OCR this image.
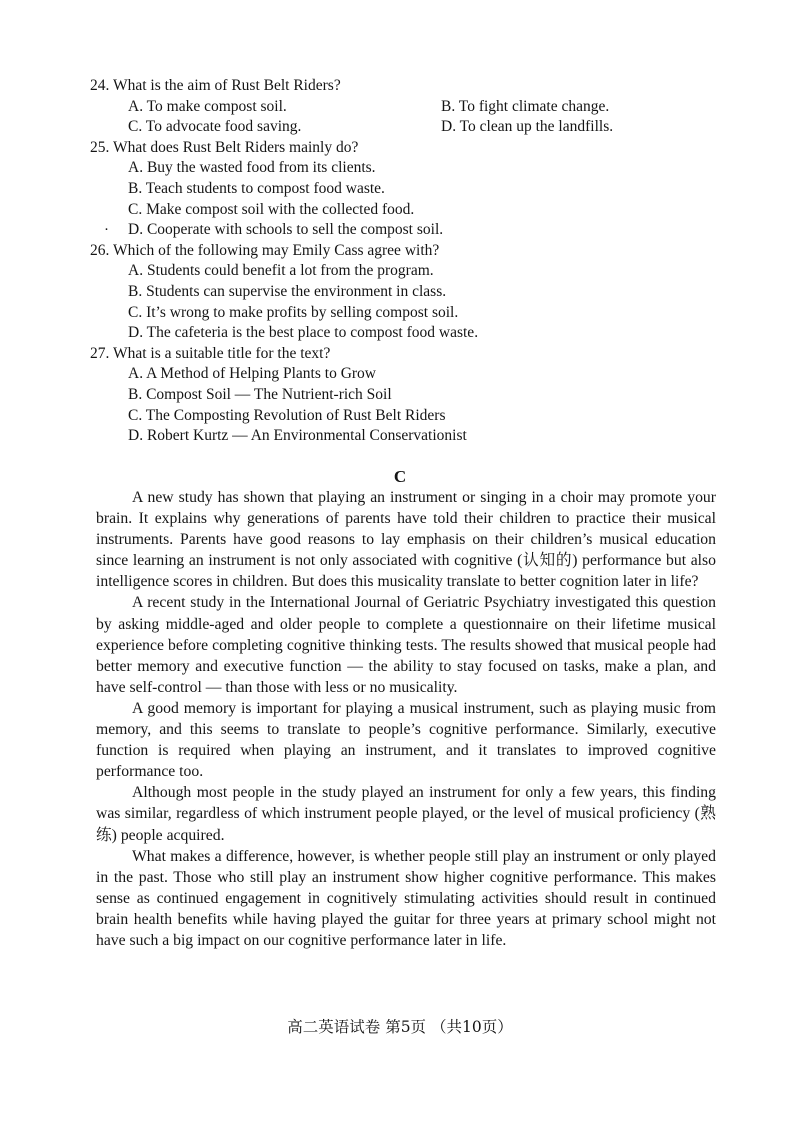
24. What is the aim of Rust Belt Riders?
A. To make compost soil.	B. To fight climate change.
C. To advocate food saving.	D. To clean up the landfills.
25. What does Rust Belt Riders mainly do?
A. Buy the wasted food from its clients.
B. Teach students to compost food waste.
C. Make compost soil with the collected food.
· D. Cooperate with schools to sell the compost soil.
26. Which of the following may Emily Cass agree with?
A. Students could benefit a lot from the program.
B. Students can supervise the environment in class.
C. It’s wrong to make profits by selling compost soil.
D. The cafeteria is the best place to compost food waste.
27. What is a suitable title for the text?
A. A Method of Helping Plants to Grow
B. Compost Soil — The Nutrient-rich Soil
C. The Composting Revolution of Rust Belt Riders
D. Robert Kurtz — An Environmental Conservationist
C

A new study has shown that playing an instrument or singing in a choir may promote your brain. It explains why generations of parents have told their children to practice their musical instruments. Parents have good reasons to lay emphasis on their children’s musical education since learning an instrument is not only associated with cognitive (认知的) performance but also intelligence scores in children. But does this musicality translate to better cognition later in life?

A recent study in the International Journal of Geriatric Psychiatry investigated this question by asking middle-aged and older people to complete a questionnaire on their lifetime musical experience before completing cognitive thinking tests. The results showed that musical people had better memory and executive function — the ability to stay focused on tasks, make a plan, and have self-control — than those with less or no musicality.

A good memory is important for playing a musical instrument, such as playing music from memory, and this seems to translate to people’s cognitive performance. Similarly, executive function is required when playing an instrument, and it translates to improved cognitive performance too.

Although most people in the study played an instrument for only a few years, this finding was similar, regardless of which instrument people played, or the level of musical proficiency (熟练) people acquired.

What makes a difference, however, is whether people still play an instrument or only played in the past. Those who still play an instrument show higher cognitive performance. This makes sense as continued engagement in cognitively stimulating activities should result in continued brain health benefits while having played the guitar for three years at primary school might not have such a big impact on our cognitive performance later in life.

高二英语试卷 第5页 （共10页）
